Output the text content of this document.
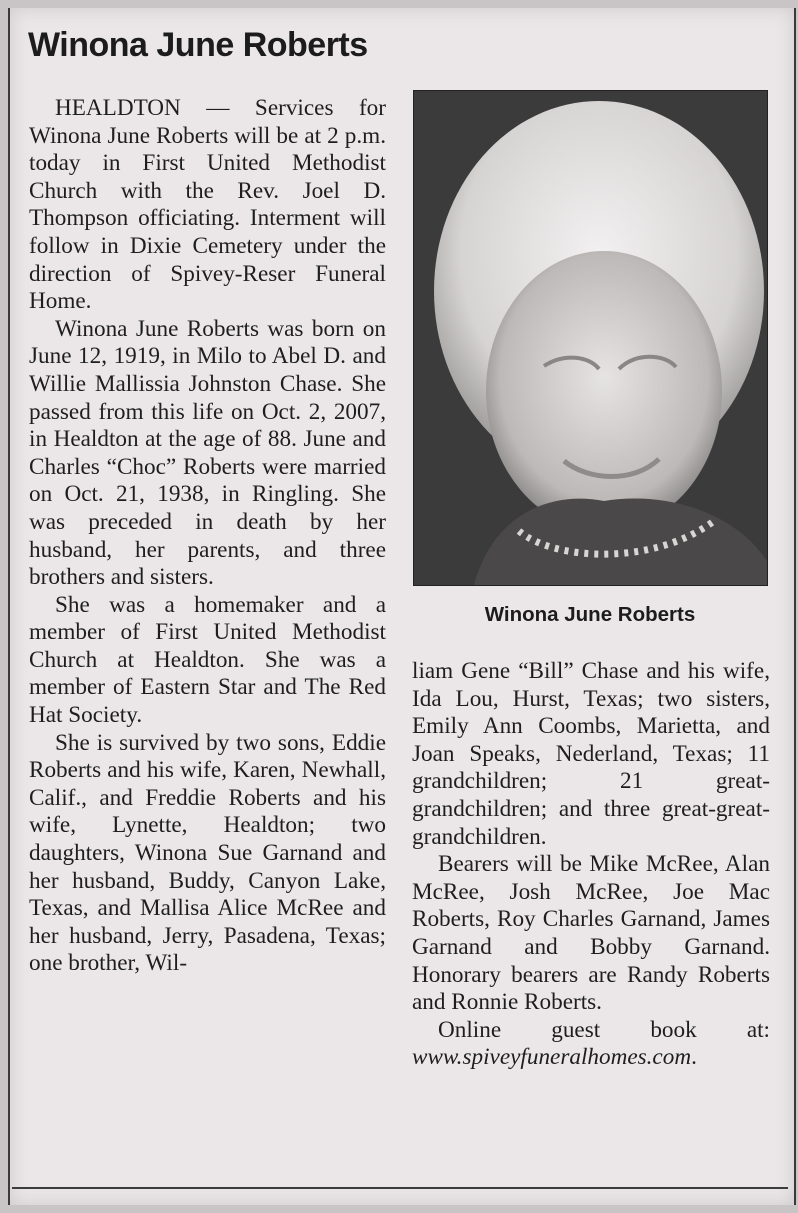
Winona June Roberts

Winona June Roberts

HEALDTON — Services for Winona June Roberts will be at 2 p.m. today in First United Methodist Church with the Rev. Joel D. Thompson officiating. Interment will follow in Dixie Cemetery under the direction of Spivey-Reser Funeral Home.

Winona June Roberts was born on June 12, 1919, in Milo to Abel D. and Willie Mallissia Johnston Chase. She passed from this life on Oct. 2, 2007, in Healdton at the age of 88. June and Charles “Choc” Roberts were married on Oct. 21, 1938, in Ringling. She was preceded in death by her husband, her parents, and three brothers and sisters.

She was a homemaker and a member of First United Methodist Church at Healdton. She was a member of Eastern Star and The Red Hat Society.

She is survived by two sons, Eddie Roberts and his wife, Karen, Newhall, Calif., and Freddie Roberts and his wife, Lynette, Healdton; two daughters, Winona Sue Garnand and her husband, Buddy, Canyon Lake, Texas, and Mallisa Alice McRee and her husband, Jerry, Pasadena, Texas; one brother, Wil-

liam Gene “Bill” Chase and his wife, Ida Lou, Hurst, Texas; two sisters, Emily Ann Coombs, Marietta, and Joan Speaks, Nederland, Texas; 11 grandchildren; 21 great-grandchildren; and three great-great-grandchildren.

Bearers will be Mike McRee, Alan McRee, Josh McRee, Joe Mac Roberts, Roy Charles Garnand, James Garnand and Bobby Garnand. Honorary bearers are Randy Roberts and Ronnie Roberts.

Online guest book at: www.spiveyfuneralhomes.com.
